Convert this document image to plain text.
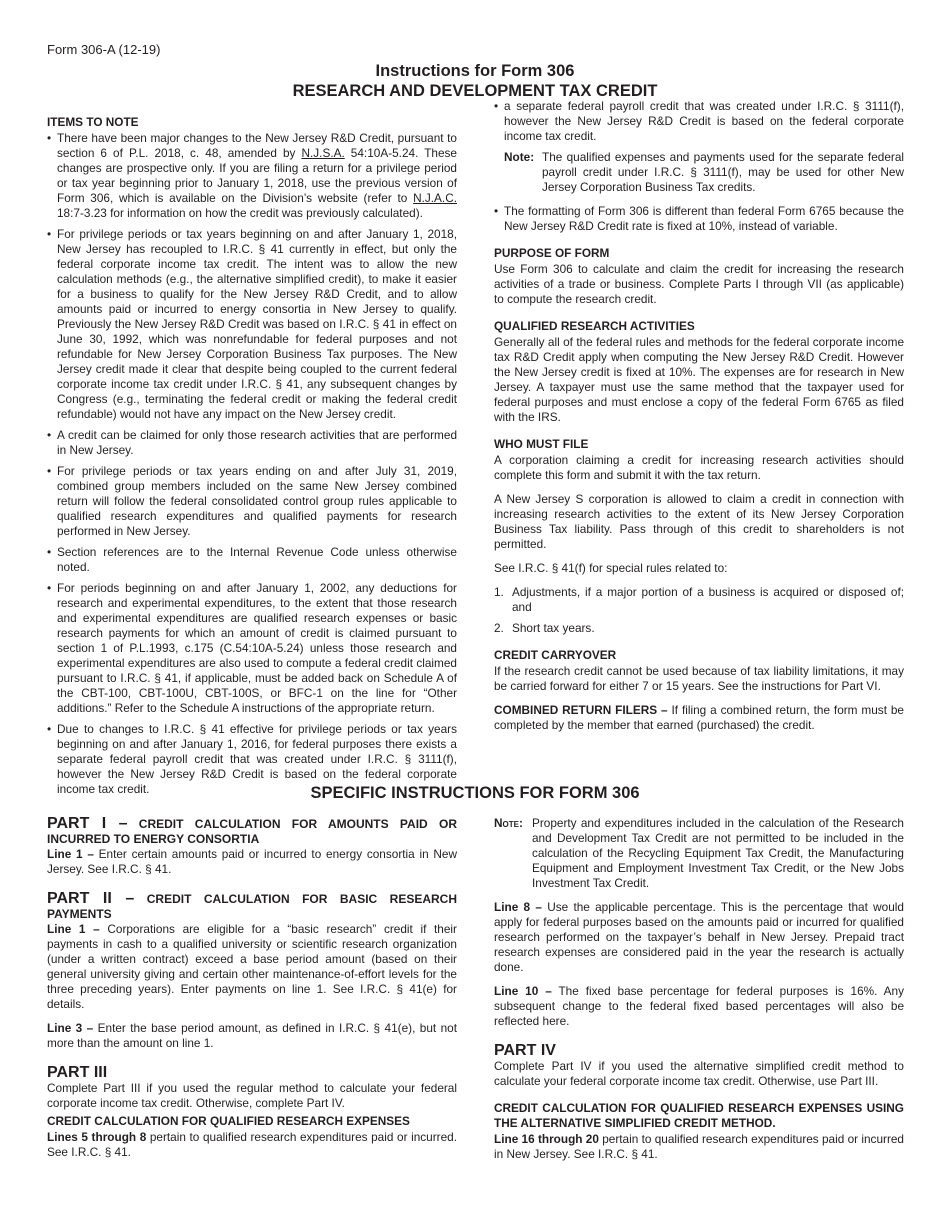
Form 306-A (12-19)
Instructions for Form 306
RESEARCH AND DEVELOPMENT TAX CREDIT
ITEMS TO NOTE
• There have been major changes to the New Jersey R&D Credit, pursuant to section 6 of P.L. 2018, c. 48, amended by N.J.S.A. 54:10A-5.24. These changes are prospective only. If you are filing a return for a privilege period or tax year beginning prior to January 1, 2018, use the previous version of Form 306, which is available on the Division’s website (refer to N.J.A.C. 18:7-3.23 for information on how the credit was previously calculated).
• For privilege periods or tax years beginning on and after January 1, 2018, New Jersey has recoupled to I.R.C. § 41 currently in effect, but only the federal corporate income tax credit. The intent was to allow the new calculation methods (e.g., the alternative simplified credit), to make it easier for a business to qualify for the New Jersey R&D Credit, and to allow amounts paid or incurred to energy consortia in New Jersey to qualify. Previously the New Jersey R&D Credit was based on I.R.C. § 41 in effect on June 30, 1992, which was nonrefundable for federal purposes and not refundable for New Jersey Corporation Business Tax purposes. The New Jersey credit made it clear that despite being coupled to the current federal corporate income tax credit under I.R.C. § 41, any subsequent changes by Congress (e.g., terminating the federal credit or making the federal credit refundable) would not have any impact on the New Jersey credit.
• A credit can be claimed for only those research activities that are performed in New Jersey.
• For privilege periods or tax years ending on and after July 31, 2019, combined group members included on the same New Jersey combined return will follow the federal consolidated control group rules applicable to qualified research expenditures and qualified payments for research performed in New Jersey.
• Section references are to the Internal Revenue Code unless otherwise noted.
• For periods beginning on and after January 1, 2002, any deductions for research and experimental expenditures, to the extent that those research and experimental expenditures are qualified research expenses or basic research payments for which an amount of credit is claimed pursuant to section 1 of P.L.1993, c.175 (C.54:10A-5.24) unless those research and experimental expenditures are also used to compute a federal credit claimed pursuant to I.R.C. § 41, if applicable, must be added back on Schedule A of the CBT-100, CBT-100U, CBT-100S, or BFC-1 on the line for “Other additions.” Refer to the Schedule A instructions of the appropriate return.
• Due to changes to I.R.C. § 41 effective for privilege periods or tax years beginning on and after January 1, 2016, for federal purposes there exists a separate federal payroll credit that was created under I.R.C. § 3111(f), however the New Jersey R&D Credit is based on the federal corporate income tax credit.
• a separate federal payroll credit that was created under I.R.C. § 3111(f), however the New Jersey R&D Credit is based on the federal corporate income tax credit.
Note: The qualified expenses and payments used for the separate federal payroll credit under I.R.C. § 3111(f), may be used for other New Jersey Corporation Business Tax credits.
• The formatting of Form 306 is different than federal Form 6765 because the New Jersey R&D Credit rate is fixed at 10%, instead of variable.
PURPOSE OF FORM
Use Form 306 to calculate and claim the credit for increasing the research activities of a trade or business. Complete Parts I through VII (as applicable) to compute the research credit.
QUALIFIED RESEARCH ACTIVITIES
Generally all of the federal rules and methods for the federal corporate income tax R&D Credit apply when computing the New Jersey R&D Credit. However the New Jersey credit is fixed at 10%. The expenses are for research in New Jersey. A taxpayer must use the same method that the taxpayer used for federal purposes and must enclose a copy of the federal Form 6765 as filed with the IRS.
WHO MUST FILE
A corporation claiming a credit for increasing research activities should complete this form and submit it with the tax return.
A New Jersey S corporation is allowed to claim a credit in connection with increasing research activities to the extent of its New Jersey Corporation Business Tax liability. Pass through of this credit to shareholders is not permitted.
See I.R.C. § 41(f) for special rules related to:
1. Adjustments, if a major portion of a business is acquired or disposed of; and
2. Short tax years.
CREDIT CARRYOVER
If the research credit cannot be used because of tax liability limitations, it may be carried forward for either 7 or 15 years. See the instructions for Part VI.
COMBINED RETURN FILERS – If filing a combined return, the form must be completed by the member that earned (purchased) the credit.
SPECIFIC INSTRUCTIONS FOR FORM 306
PART I – CREDIT CALCULATION FOR AMOUNTS PAID OR INCURRED TO ENERGY CONSORTIA
Line 1 – Enter certain amounts paid or incurred to energy consortia in New Jersey. See I.R.C. § 41.
PART II – CREDIT CALCULATION FOR BASIC RESEARCH PAYMENTS
Line 1 – Corporations are eligible for a “basic research” credit if their payments in cash to a qualified university or scientific research organization (under a written contract) exceed a base period amount (based on their general university giving and certain other maintenance-of-effort levels for the three preceding years). Enter payments on line 1. See I.R.C. § 41(e) for details.
Line 3 – Enter the base period amount, as defined in I.R.C. § 41(e), but not more than the amount on line 1.
PART III
Complete Part III if you used the regular method to calculate your federal corporate income tax credit. Otherwise, complete Part IV.
CREDIT CALCULATION FOR QUALIFIED RESEARCH EXPENSES
Lines 5 through 8 pertain to qualified research expenditures paid or incurred. See I.R.C. § 41.
Note: Property and expenditures included in the calculation of the Research and Development Tax Credit are not permitted to be included in the calculation of the Recycling Equipment Tax Credit, the Manufacturing Equipment and Employment Investment Tax Credit, or the New Jobs Investment Tax Credit.
Line 8 – Use the applicable percentage. This is the percentage that would apply for federal purposes based on the amounts paid or incurred for qualified research performed on the taxpayer’s behalf in New Jersey. Prepaid tract research expenses are considered paid in the year the research is actually done.
Line 10 – The fixed base percentage for federal purposes is 16%. Any subsequent change to the federal fixed based percentages will also be reflected here.
PART IV
Complete Part IV if you used the alternative simplified credit method to calculate your federal corporate income tax credit. Otherwise, use Part III.
CREDIT CALCULATION FOR QUALIFIED RESEARCH EXPENSES USING THE ALTERNATIVE SIMPLIFIED CREDIT METHOD.
Line 16 through 20 pertain to qualified research expenditures paid or incurred in New Jersey. See I.R.C. § 41.
